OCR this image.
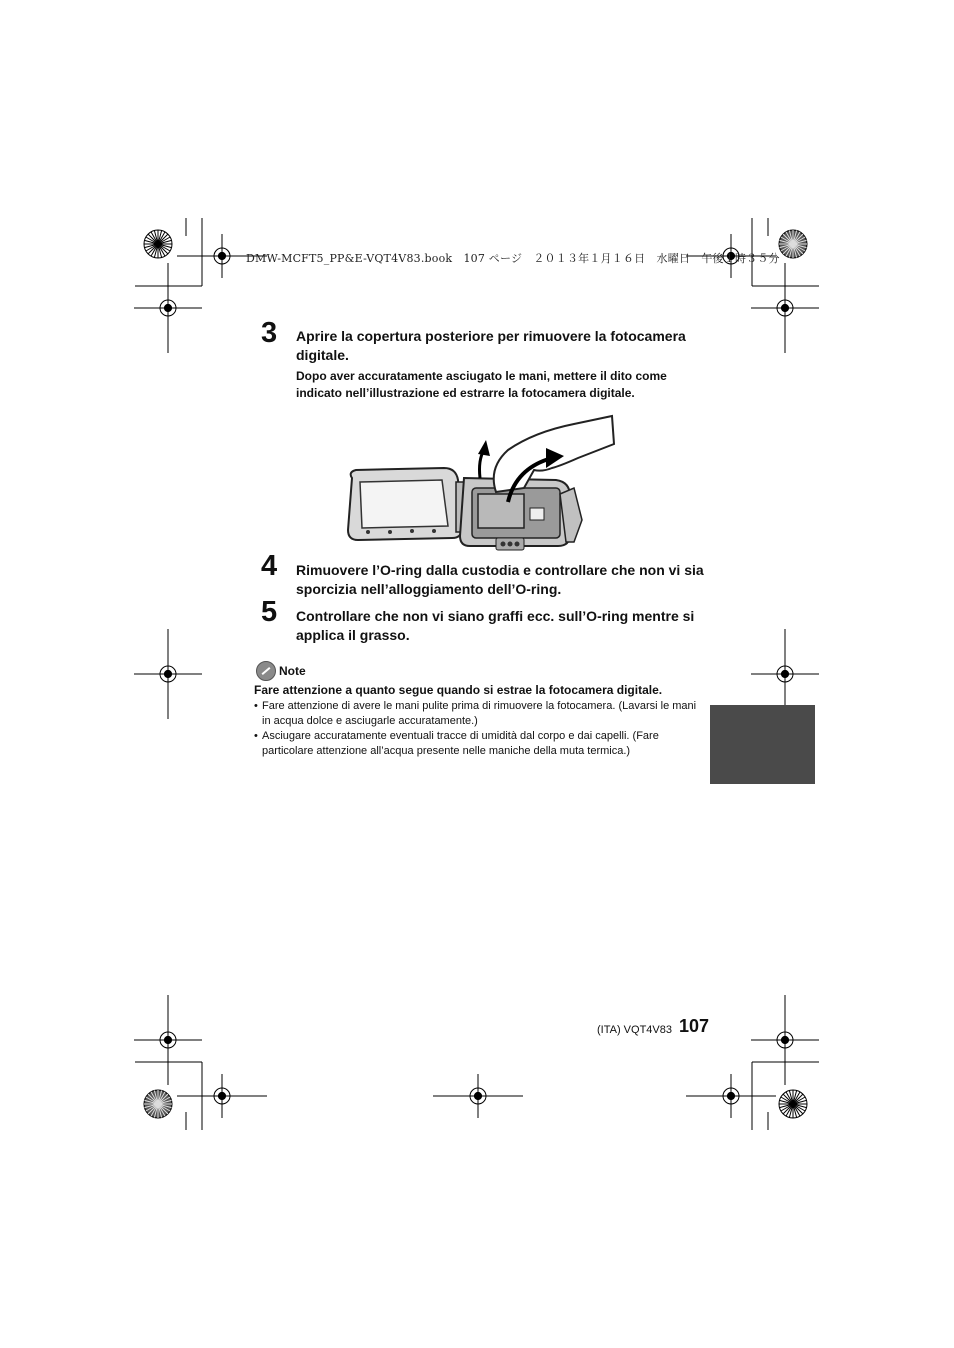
DMW-MCFT5_PP&E-VQT4V83.book　107 ページ　２０１３年１月１６日　水曜日　午後１時３５分
3 Aprire la copertura posteriore per rimuovere la fotocamera digitale.
Dopo aver accuratamente asciugato le mani, mettere il dito come indicato nell’illustrazione ed estrarre la fotocamera digitale.
4 Rimuovere l’O-ring dalla custodia e controllare che non vi sia sporcizia nell’alloggiamento dell’O-ring.
5 Controllare che non vi siano graffi ecc. sull’O-ring mentre si applica il grasso.
Note
Fare attenzione a quanto segue quando si estrae la fotocamera digitale.
• Fare attenzione di avere le mani pulite prima di rimuovere la fotocamera. (Lavarsi le mani in acqua dolce e asciugarle accuratamente.)
• Asciugare accuratamente eventuali tracce di umidità dal corpo e dai capelli. (Fare particolare attenzione all’acqua presente nelle maniche della muta termica.)
(ITA) VQT4V83 107
